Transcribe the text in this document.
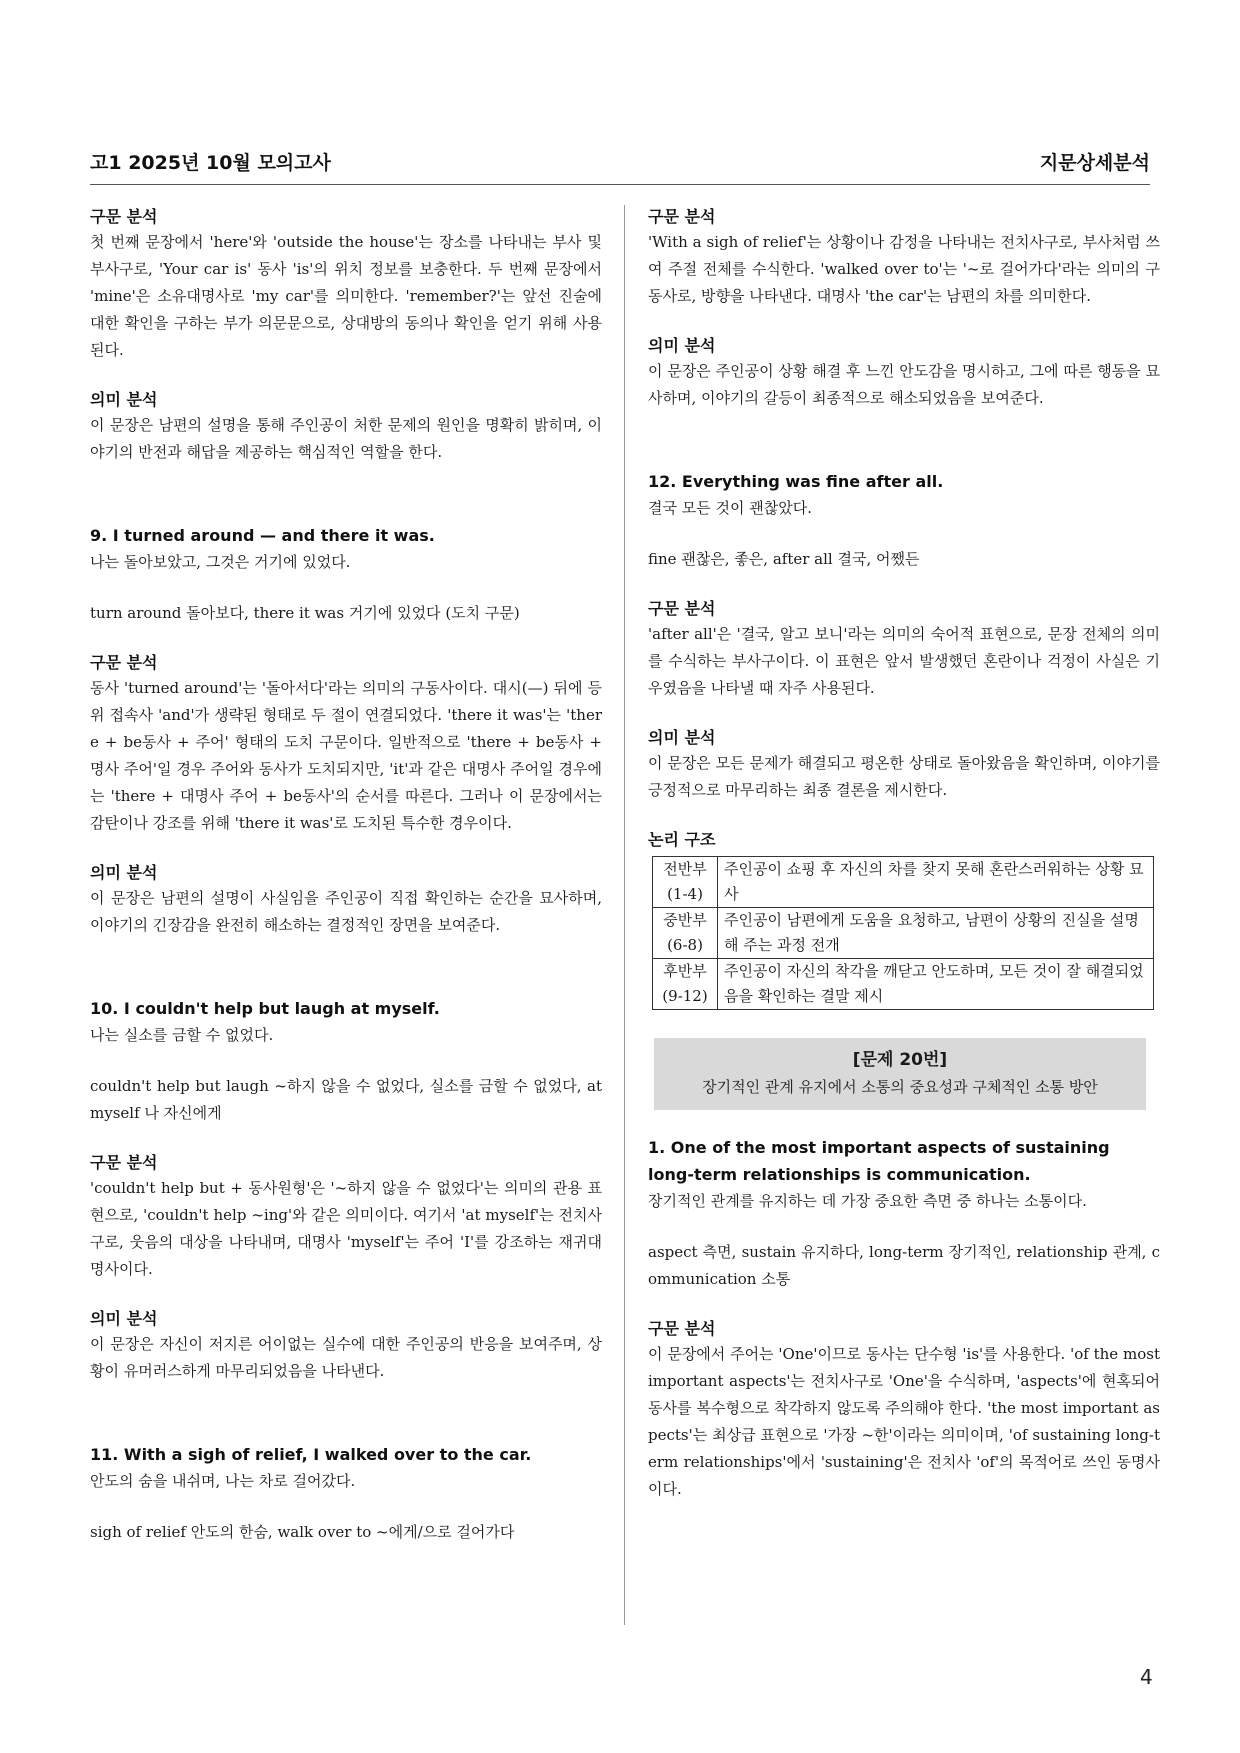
고1 2025년 10월 모의고사	지문상세분석
구문 분석
첫 번째 문장에서 'here'와 'outside the house'는 장소를 나타내는 부사 및 부사구로, 'Your car is' 동사 'is'의 위치 정보를 보충한다. 두 번째 문장에서 'mine'은 소유대명사로 'my car'를 의미한다. 'remember?'는 앞선 진술에 대한 확인을 구하는 부가 의문문으로, 상대방의 동의나 확인을 얻기 위해 사용된다.
의미 분석
이 문장은 남편의 설명을 통해 주인공이 처한 문제의 원인을 명확히 밝히며, 이야기의 반전과 해답을 제공하는 핵심적인 역할을 한다.
9. I turned around — and there it was.
나는 돌아보았고, 그것은 거기에 있었다.
turn around 돌아보다, there it was 거기에 있었다 (도치 구문)
구문 분석
동사 'turned around'는 '돌아서다'라는 의미의 구동사이다. 대시(—) 뒤에 등위 접속사 'and'가 생략된 형태로 두 절이 연결되었다. 'there it was'는 'there + be동사 + 주어' 형태의 도치 구문이다. 일반적으로 'there + be동사 + 명사 주어'일 경우 주어와 동사가 도치되지만, 'it'과 같은 대명사 주어일 경우에는 'there + 대명사 주어 + be동사'의 순서를 따른다. 그러나 이 문장에서는 감탄이나 강조를 위해 'there it was'로 도치된 특수한 경우이다.
의미 분석
이 문장은 남편의 설명이 사실임을 주인공이 직접 확인하는 순간을 묘사하며, 이야기의 긴장감을 완전히 해소하는 결정적인 장면을 보여준다.
10. I couldn't help but laugh at myself.
나는 실소를 금할 수 없었다.
couldn't help but laugh ~하지 않을 수 없었다, 실소를 금할 수 없었다, at myself 나 자신에게
구문 분석
'couldn't help but + 동사원형'은 '~하지 않을 수 없었다'는 의미의 관용 표현으로, 'couldn't help ~ing'와 같은 의미이다. 여기서 'at myself'는 전치사구로, 웃음의 대상을 나타내며, 대명사 'myself'는 주어 'I'를 강조하는 재귀대명사이다.
의미 분석
이 문장은 자신이 저지른 어이없는 실수에 대한 주인공의 반응을 보여주며, 상황이 유머러스하게 마무리되었음을 나타낸다.
11. With a sigh of relief, I walked over to the car.
안도의 숨을 내쉬며, 나는 차로 걸어갔다.
sigh of relief 안도의 한숨, walk over to ~에게/으로 걸어가다
구문 분석
'With a sigh of relief'는 상황이나 감정을 나타내는 전치사구로, 부사처럼 쓰여 주절 전체를 수식한다. 'walked over to'는 '~로 걸어가다'라는 의미의 구동사로, 방향을 나타낸다. 대명사 'the car'는 남편의 차를 의미한다.
의미 분석
이 문장은 주인공이 상황 해결 후 느낀 안도감을 명시하고, 그에 따른 행동을 묘사하며, 이야기의 갈등이 최종적으로 해소되었음을 보여준다.
12. Everything was fine after all.
결국 모든 것이 괜찮았다.
fine 괜찮은, 좋은, after all 결국, 어쨌든
구문 분석
'after all'은 '결국, 알고 보니'라는 의미의 숙어적 표현으로, 문장 전체의 의미를 수식하는 부사구이다. 이 표현은 앞서 발생했던 혼란이나 걱정이 사실은 기우였음을 나타낼 때 자주 사용된다.
의미 분석
이 문장은 모든 문제가 해결되고 평온한 상태로 돌아왔음을 확인하며, 이야기를 긍정적으로 마무리하는 최종 결론을 제시한다.
논리 구조
전반부
(1-4)	주인공이 쇼핑 후 자신의 차를 찾지 못해 혼란스러워하는 상황 묘사
중반부
(6-8)	주인공이 남편에게 도움을 요청하고, 남편이 상황의 진실을 설명해 주는 과정 전개
후반부
(9-12)	주인공이 자신의 착각을 깨닫고 안도하며, 모든 것이 잘 해결되었음을 확인하는 결말 제시
[문제 20번]
장기적인 관계 유지에서 소통의 중요성과 구체적인 소통 방안
1. One of the most important aspects of sustaining long-term relationships is communication.
장기적인 관계를 유지하는 데 가장 중요한 측면 중 하나는 소통이다.
aspect 측면, sustain 유지하다, long-term 장기적인, relationship 관계, communication 소통
구문 분석
이 문장에서 주어는 'One'이므로 동사는 단수형 'is'를 사용한다. 'of the most important aspects'는 전치사구로 'One'을 수식하며, 'aspects'에 현혹되어 동사를 복수형으로 착각하지 않도록 주의해야 한다. 'the most important aspects'는 최상급 표현으로 '가장 ~한'이라는 의미이며, 'of sustaining long-term relationships'에서 'sustaining'은 전치사 'of'의 목적어로 쓰인 동명사이다.
4
